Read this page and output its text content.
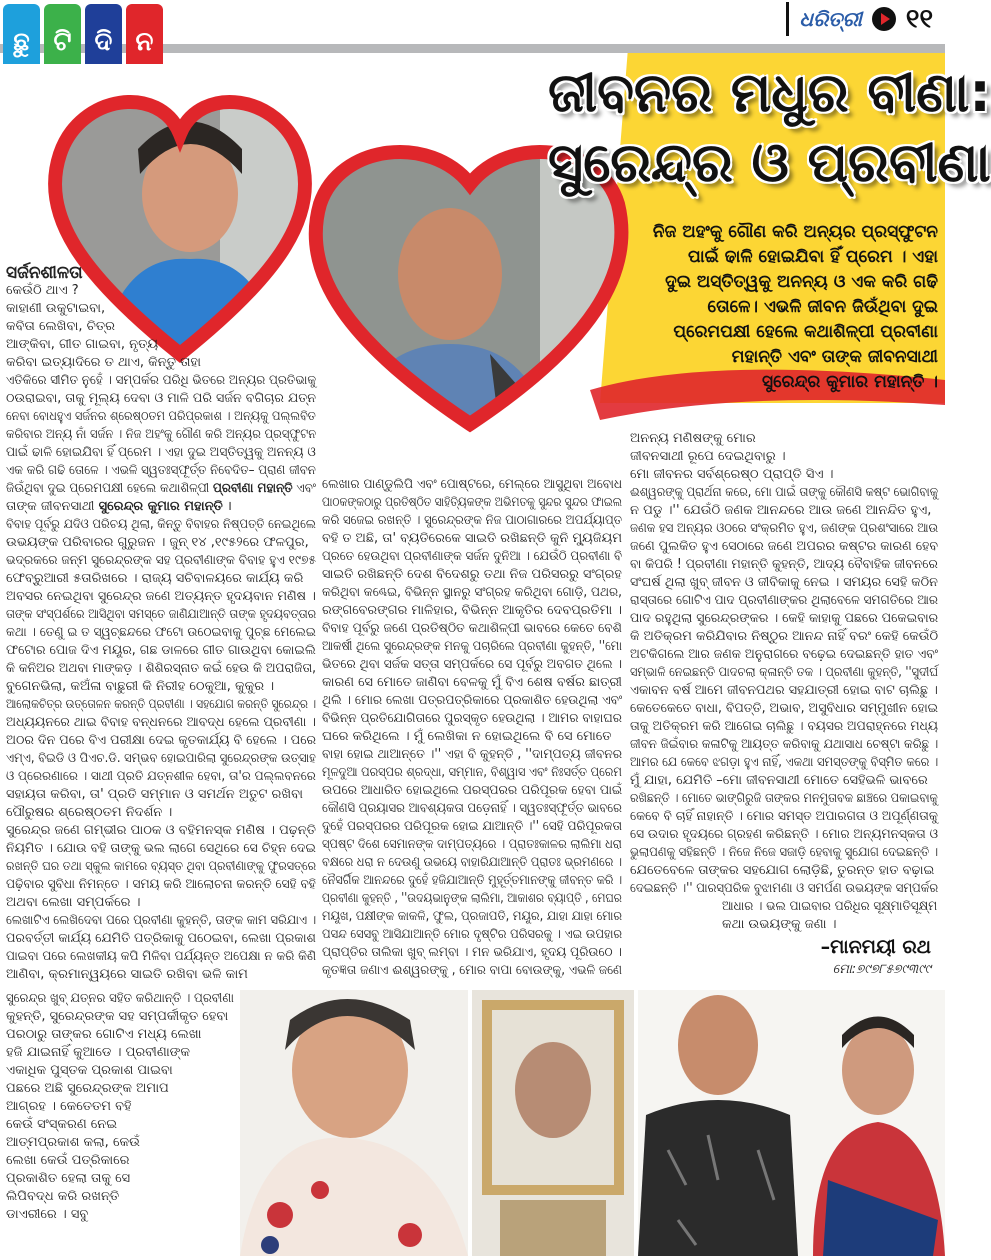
ଛୁ ଟି ଦି ନ
ଧରିତ୍ରୀ ୧୧
ଜୀବନର ମଧୁର ବୀଣା:
ସୁରେନ୍ଦ୍ର ଓ ପ୍ରବୀଣା
ନିଜ ଅହଂକୁ ଗୌଣ କରି ଅନ୍ୟର ପ୍ରସ୍ଫୁଟନ
ପାଇଁ ଢାଳି ହୋଇଯିବା ହିଁ ପ୍ରେମ । ଏହା
ଦୁଇ ଅସ୍ତିତ୍ୱକୁ ଅନନ୍ୟ ଓ ଏକ କରି ଗଢି
ତୋଳେ। ଏଭଳି ଜୀବନ ଜିଉଁଥିବା ଦୁଇ
ପ୍ରେମପକ୍ଷୀ ହେଲେ କଥାଶିଳ୍ପୀ ପ୍ରବୀଣା
ମହାନ୍ତି ଏବଂ ତାଙ୍କ ଜୀବନସାଥୀ
ସୁରେନ୍ଦ୍ର କୁମାର ମହାନ୍ତି ।
ସର୍ଜନଶୀଳତା
କେଉଁଠି ଥାଏ ?
କାହାଣୀ ଉକୁଟାଇବା,
କବିତା ଲେଖିବା, ଚିତ୍ର
ଆଙ୍କିବା, ଗୀତ ଗାଇବା, ନୃତ୍ୟ
କରିବା ଇତ୍ୟାଦିରେ ତ ଥାଏ, କିନ୍ତୁ ତାହା
ଏତିକିରେ ସୀମିତ ନୁହେଁ । ସମ୍ପର୍କର ପରିଧି ଭିତରେ ଅନ୍ୟର ପ୍ରତିଭାକୁ
ଠଉରାଇବା, ତାକୁ ମୂଲ୍ୟ ଦେବା ଓ ମାଳି ପରି ସର୍ଜନ ବଗିଚାର ଯତ୍ନ
ନେବା ବୋଧହୁଏ ସର୍ଜନର ଶ୍ରେଷ୍ଠତମ ପରିପ୍ରକାଶ । ଅନ୍ୟକୁ ପଲ୍ଲବିତ
କରିବାର ଅନ୍ୟ ନାଁ ସର୍ଜନ । ନିଜ ଅହଂକୁ ଗୌଣ କରି ଅନ୍ୟର ପ୍ରସ୍ଫୁଟନ
ପାଇଁ ଢାଳି ହୋଇଯିବା ହିଁ ପ୍ରେମ । ଏହା ଦୁଇ ଅସ୍ତିତ୍ୱକୁ ଅନନ୍ୟ ଓ
ଏକ କରି ଗଢି ତୋଳେ । ଏଭଳି ସ୍ୱତଃସ୍ଫୂର୍ତ୍ତ ନିବେଦିତ– ପ୍ରାଣ ଜୀବନ
ଜିଉଁଥିବା ଦୁଇ ପ୍ରେମପକ୍ଷୀ ହେଲେ କଥାଶିଳ୍ପୀ ପ୍ରବୀଣା ମହାନ୍ତି ଏବଂ
ତାଙ୍କ ଜୀବନସାଥୀ ସୁରେନ୍ଦ୍ର କୁମାର ମହାନ୍ତି ।
ବିବାହ ପୂର୍ବରୁ ଯଦିଓ ପରିଚୟ ଥିଲା, କିନ୍ତୁ ବିବାହର ନିଷ୍ପତ୍ତି ନେଇଥିଲେ
ଉଭୟଙ୍କ ପରିବାରର ଗୁରୁଜନ । ଜୁନ୍ ୧୪ ,୧୯୫୨ରେ ଫଳପୁର,
ଭଦ୍ରକରେ ଜନ୍ମ ସୁରେନ୍ଦ୍ରଙ୍କ ସହ ପ୍ରବୀଣାଙ୍କ ବିବାହ ହୁଏ ୧୯୭୫
ଫେବ୍ରୁଆରୀ ୫ତାରିଖରେ । ରାଜ୍ୟ ସଚିବାଳୟରେ କାର୍ଯ୍ୟ କରି
ଅବସର ନେଇଥିବା ସୁରେନ୍ଦ୍ର ଜଣେ ଅତ୍ୟନ୍ତ ହୃଦୟବାନ ମଣିଷ ।
ତାଙ୍କ ସଂସ୍ପର୍ଶରେ ଆସିଥିବା ସମସ୍ତେ ଜାଣିଯାଆନ୍ତି ତାଙ୍କ ହୃଦୟବତ୍ତାର
କଥା । ତେଣୁ ଇ ତ ସ୍ୱଚ୍ଛନ୍ଦରେ ଫଟୋ ଉଠେଇବାକୁ ପୁଚ୍ଛ ମେଲେଇ
ଫଟୋର ପୋଜ ଦିଏ ମୟୂର, ଗଛ ଡାଳରେ ଗୀତ ଗାଉଥିବା କୋଇଲି
କି କନିଅର ଅଥବା ମାଙ୍କଡ଼ । ଶିଶିରସ୍ନାତ କଇଁ ହେଉ କି ଅପରାଜିତା,
ବୁଗେନଭିଲା, କଅଁଳା ବାଛୁରୀ କି ନିରୀହ ଠେକୁଆ, କୁକୁର ।
ଆଲୋକଚିତ୍ର ଉତ୍ତୋଳନ କରନ୍ତି ପ୍ରବୀଣା । ସହଯୋଗ କରନ୍ତି ସୁରେନ୍ଦ୍ର ।
ଅଧ୍ୟୟନରେ ଥାଇ ବିବାହ ବନ୍ଧନରେ ଆବଦ୍ଧ ହେଲେ ପ୍ରବୀଣା ।
ଅଠର ଦିନ ପରେ ବିଏ ପରୀକ୍ଷା ଦେଇ କୃତକାର୍ଯ୍ୟ ବି ହେଲେ । ପରେ
ଏମ୍ଏ, ବିଇଡି ଓ ପିଏଚ.ଡି. ସମ୍ଭବ ହୋଇପାରିଲା ସୁରେନ୍ଦ୍ରଙ୍କ ଉତ୍ସାହ
ଓ ପ୍ରେରଣାରେ । ସାଥୀ ପ୍ରତି ଯତ୍ନଶୀଳ ହେବା, ତା'ର ପଲ୍ଲବନରେ
ସହାୟତା କରିବା, ତା' ପ୍ରତି ସମ୍ମାନ ଓ ସମର୍ଥନ ଅତୁଟ ରଖିବା
ପୌରୁଷର ଶ୍ରେଷ୍ଠତମ ନିଦର୍ଶନ ।
ସୁରେନ୍ଦ୍ର ଜଣେ ଗମ୍ଭୀର ପାଠକ ଓ ବହିମନସ୍କ ମଣିଷ । ପଢ଼ନ୍ତି
ନିୟମିତ । ଯୋଉ ବହି ତାଙ୍କୁ ଭଲ ଲାଗେ ସେଥିରେ ସେ ଚିହ୍ନ ଦେଇ
ରଖନ୍ତି ଘର ତଥା ସ୍କୁଲ କାମରେ ବ୍ୟସ୍ତ ଥିବା ପ୍ରବୀଣାଙ୍କୁ ଫୁରସତ୍‌ରେ
ପଢ଼ିବାର ସୁବିଧା ନିମନ୍ତେ । ସମୟ କରି ଆଲୋଚନା କରନ୍ତି ସେହି ବହି
ଅଥବା ଲେଖା ସମ୍ପର୍କରେ ।
ଲେଖାଟିଏ ଲେଖିଦେବା ପରେ ପ୍ରବୀଣା କୁହନ୍ତି, ତାଙ୍କ କାମ ସରିଯାଏ ।
ପରବର୍ତ୍ତୀ କାର୍ଯ୍ୟ ଯେମିତି ପତ୍ରିକାକୁ ପଠେଇବା, ଲେଖା ପ୍ରକାଶ
ପାଇବା ପରେ ଲେଖକୀୟ କପି ମିଳିବା ପର୍ଯ୍ୟନ୍ତ ଅପେକ୍ଷା ନ କରି କିଣି
ଆଣିବା, କ୍ରମାନ୍ୱୟରେ ସାଇତି ରଖିବା ଭଳି କାମ
ସୁରେନ୍ଦ୍ର ଖୁବ୍ ଯତ୍ନର ସହିତ କରିଥାନ୍ତି । ପ୍ରବୀଣା
କୁହନ୍ତି, ସୁରେନ୍ଦ୍ରଙ୍କ ସହ ସମ୍ପର୍କୀକୃତ ହେବା
ପରଠାରୁ ତାଙ୍କର ଗୋଟିଏ ମଧ୍ୟ ଲେଖା
ହଜି ଯାଇନାହିଁ କୁଆଡେ । ପ୍ରବୀଣାଙ୍କ
ଏକାଧିକ ପୁସ୍ତକ ପ୍ରକାଶ ପାଇବା
ପଛରେ ଅଛି ସୁରେନ୍ଦ୍ରଙ୍କ ଅମାପ
ଆଗ୍ରହ । କେତେତମ ବହି
କେଉଁ ସଂସ୍କରଣ ନେଇ
ଆତ୍ମପ୍ରକାଶ କଲା, କେଉଁ
ଲେଖା କେଉଁ ପତ୍ରିକାରେ
ପ୍ରକାଶିତ ହେଲା ତାକୁ ସେ
ଲିପିବଦ୍ଧ କରି ରଖନ୍ତି
ଡାଏରୀରେ । ସବୁ
ଲେଖାର ପାଣ୍ଡୁଲିପି ଏବଂ ପୋଷ୍ଟରେ, ମେଲ୍‌ରେ ଆସୁଥିବା ଅବୋଧ
ପାଠକଙ୍କଠାରୁ ପ୍ରତିଷ୍ଠିତ ସାହିତ୍ୟିକଙ୍କ ଅଭିମତକୁ ସୁନ୍ଦର ସୁନ୍ଦର ଫାଇଲ
କରି ସଜେଇ ରଖନ୍ତି । ସୁରେନ୍ଦ୍ରଙ୍କ ନିଜ ପାଠାଗାରରେ ଅପର୍ଯ୍ୟାପ୍ତ
ବହି ତ ଅଛି, ତା' ବ୍ୟତିରେକେ ସାଇତି ରଖିଛନ୍ତି କୁନି ମ୍ୟୁଜିୟମ
ପ୍ରତେ ହେଉଥିବା ପ୍ରବୀଣାଙ୍କ ସର୍ଜନ ଦୁନିଆ । ଯେଉଁଠି ପ୍ରବୀଣା ବି
ସାଇତି ରଖିଛନ୍ତି ଦେଶ ବିଦେଶରୁ ତଥା ନିଜ ପରିସରରୁ ସଂଗ୍ରହ
କରିଥିବା କଣ୍ଢେଇ, ବିଭିନ୍ନ ସ୍ଥାନରୁ ସଂଗ୍ରହ କରିଥିବା ଗୋଡ଼ି, ପଥର,
ରଙ୍ଗବେରଙ୍ଗର ମାଳିହାର, ବିଭିନ୍ନ ଆକୃତିର ଦେବପ୍ରତିମା ।
ବିବାହ ପୂର୍ବରୁ ଜଣେ ପ୍ରତିଷ୍ଠିତ କଥାଶିଳ୍ପୀ ଭାବରେ କେତେ ବେଶି
ଆକର୍ଷୀ ଥିଲେ ସୁରେନ୍ଦ୍ରଙ୍କ ମନକୁ ପଚାରିଲେ ପ୍ରବୀଣା କୁହନ୍ତି, ''ମୋ
ଭିତରେ ଥିବା ସର୍ଜକ ସତ୍ତା ସମ୍ପର୍କରେ ସେ ପୂର୍ବରୁ ଅବଗତ ଥିଲେ ।
କାରଣ ସେ ମୋତେ ଜାଣିବା ବେଳକୁ ମୁଁ ବିଏ ଶେଷ ବର୍ଷର ଛାତ୍ରୀ
ଥିଲି । ମୋର ଲେଖା ପତ୍ରପତ୍ରିକାରେ ପ୍ରକାଶିତ ହେଉଥିଲା ଏବଂ
ବିଭିନ୍ନ ପ୍ରତିଯୋଗିତାରେ ପୁରସ୍କୃତ ହେଉଥିଲା । ଆମର ବାହାଘର
ଘରେ କରିଥିଲେ । ମୁଁ ଲେଖିକା ନ ହୋଇଥିଲେ ବି ସେ ମୋତେ
ବାହା ହୋଇ ଥାଆନ୍ତେ ।'' ଏହା ବି କୁହନ୍ତି , ''ଦାମ୍ପତ୍ୟ ଜୀବନର
ମୂଳଦୁଆ ପରସ୍ପର ଶ୍ରଦ୍ଧା, ସମ୍ମାନ, ବିଶ୍ୱାସ ଏବଂ ନିଃସର୍ତ୍ତ ପ୍ରେମ
ଉପରେ ଆଧାରିତ ହୋଇଥିଲେ ପରସ୍ପରର ପରିପୂରକ ହେବା ପାଇଁ
କୌଣସି ପ୍ରୟାସର ଆବଶ୍ୟକତା ପଡ଼େନାହିଁ । ସ୍ୱତଃସ୍ଫୂର୍ତ୍ତ ଭାବରେ
ଦୁହେଁ ପରସ୍ପରର ପରିପୂରକ ହୋଇ ଯାଆନ୍ତି ।'' ସେହି ପରିପୂରକତା
ସ୍ପଷ୍ଟ ଦିଶେ ସେମାନଙ୍କ ଦାମ୍ପତ୍ୟରେ । ପ୍ରାତଃକାଳର ଲାଲିମା ଧରା
ବକ୍ଷରେ ଧରା ନ ଦେଉଣୁ ଉଭୟେ ବାହାରିଯାଆନ୍ତି ପ୍ରାତଃ ଭ୍ରମଣରେ ।
ନୈସର୍ଗିକ ଆନନ୍ଦରେ ଦୁହେଁ ହଜିଯାଆନ୍ତି ମୁହୂର୍ତ୍ତମାନଙ୍କୁ ଜୀବନ୍ତ କରି ।
ପ୍ରବୀଣା କୁହନ୍ତି , ''ଉଦୟଭାନୁଙ୍କ ଲାଲିମା, ଆକାଶର ବ୍ୟାପ୍ତି , ମେଘର
ମୟୂଖ, ପକ୍ଷୀଙ୍କ କାକଳି, ଫୁଲ, ପ୍ରଜାପତି, ମୟୂର, ଯାହା ଯାହା ମୋର
ପସନ୍ଦ ସେସବୁ ଆସିଯାଆନ୍ତି ମୋର ଦୃଷ୍ଟିର ପରିସରକୁ । ଏଇ ଉପହାର
ପ୍ରାପ୍ତିର ତାଲିକା ଖୁବ୍ ଲମ୍ବା । ମନ ଭରିଯାଏ, ହୃଦୟ ପୂରିଉଠେ ।
କୃତଜ୍ଞତା ଜଣାଏ ଈଶ୍ୱରଙ୍କୁ , ମୋର ବାପା ବୋଉଙ୍କୁ, ଏଭଳି ଜଣେ
ଅନନ୍ୟ ମଣିଷଙ୍କୁ ମୋର
ଜୀବନସାଥୀ ରୂପେ ଦେଇଥିବାରୁ ।
ମୋ ଜୀବନର ସର୍ବଶ୍ରେଷ୍ଠ ପ୍ରାପ୍ତି ସିଏ ।
ଈଶ୍ୱରଙ୍କୁ ପ୍ରାର୍ଥନା କରେ, ମୋ ପାଇଁ ତାଙ୍କୁ କୌଣସି କଷ୍ଟ ଭୋଗିବାକୁ
ନ ପଡୁ ।'' ଯେଉଁଠି ଜଣକ ଆନନ୍ଦରେ ଆଉ ଜଣେ ଆନନ୍ଦିତ ହୁଏ,
ଜଣକ ହସ ଅନ୍ୟର ଓଠରେ ସଂକ୍ରମିତ ହୁଏ, ଜଣଙ୍କ ପ୍ରଶଂସାରେ ଆଉ
ଜଣେ ପୁଲକିତ ହୁଏ ସେଠାରେ ଜଣେ ଅପରର କଷ୍ଟର କାରଣ ହେବ
ବା କିପରି ! ପ୍ରବୀଣା ମହାନ୍ତି କୁହନ୍ତି, ଆଦ୍ୟ ବୈବାହିକ ଜୀବନରେ
ସଂଘର୍ଷ ଥିଲା ଖୁବ୍ ଜୀବନ ଓ ଜୀବିକାକୁ ନେଇ । ସମୟର ସେହି କଠିନ
ରାସ୍ତାରେ ଗୋଟିଏ ପାଦ ପ୍ରବୀଣାଙ୍କର ଥିଲାବେଳେ ସମଗତିରେ ଆର
ପାଦ ରହୁଥିଲା ସୁରେନ୍ଦ୍ରଙ୍କର । କେହି କାହାକୁ ପଛରେ ପକେଇବାର
କି ଅତିକ୍ରମ କରିଯିବାର ନିଷ୍ଠୁର ଆନନ୍ଦ ନାହିଁ ବରଂ କେହି କେଉଁଠି
ଅଟକିଗଲେ ଆର ଜଣକ ଅନୁରାଗରେ ବଢ଼େଇ ଦେଇଛନ୍ତି ହାତ ଏବଂ
ସମ୍ଭାଳି ନେଇଛନ୍ତି ପାଦଚଲା କ୍ଳାନ୍ତି ତକ । ପ୍ରବୀଣା କୁହନ୍ତି, ''ସୁଦୀର୍ଘ
ଏକାବନ ବର୍ଷ ଆମେ ଜୀବନପଥର ସହଯାତ୍ରୀ ହୋଇ ବାଟ ଚାଲିଛୁ ।
କେତେକେତେ ବାଧା, ବିପତ୍ତି, ଅଭାବ, ଅସୁବିଧାର ସମ୍ମୁଖୀନ ହୋଇ
ତାକୁ ଅତିକ୍ରମ କରି ଆଗେଇ ଚାଲିଛୁ । ବୟସର ଅପରାହ୍ନରେ ମଧ୍ୟ
ଜୀବନ ଜିଇଁବାର କଳାଟିକୁ ଆୟତ୍ତ କରିବାକୁ ଯଥାସାଧ ଚେଷ୍ଟା କରିଛୁ ।
ଆମର ଯେ କେବେ ଝଗଡ଼ା ହୁଏ ନାହିଁ, ଏକଥା ସମସ୍ତଙ୍କୁ ବିସ୍ମିତ କରେ ।
ମୁଁ ଯାହା, ଯେମିତି –ମୋ ଜୀବନସାଥୀ ମୋତେ ସେହିଭଳି ଭାବରେ
ରଖିଛନ୍ତି । ମୋତେ ଭାଙ୍ଗିରୁଜି ତାଙ୍କର ମନମୁତାବକ ଛାଞ୍ଚରେ ପକାଇବାକୁ
କେବେ ବି ଚାହିଁ ନାହାନ୍ତି । ମୋର ସମସ୍ତ ଅପାରଗତା ଓ ଅପୂର୍ଣ୍ଣତାକୁ
ସେ ଉଦାର ହୃଦୟରେ ଗ୍ରହଣ କରିଛନ୍ତି । ମୋର ଅନ୍ୟମନସ୍କତା ଓ
ଭୁଲାପଣକୁ ସହିଛନ୍ତି । ନିଜେ ନିଜେ ସଜାଡ଼ି ହେବାକୁ ସୁଯୋଗ ଦେଇଛନ୍ତି ।
ଯେତେବେଳେ ତାଙ୍କର ସହଯୋଗ ଲୋଡ଼ିଛି, ତୁରନ୍ତ ହାତ ବଢ଼ାଇ
ଦେଇଛନ୍ତି ।'' ପାରସ୍ପରିକ ବୁଝାମଣା ଓ ସମର୍ପଣ ଉଭୟଙ୍କ ସମ୍ପର୍କର
ଆଧାର । ଭଲ ପାଇବାର ପରିଧିର ସୂକ୍ଷ୍ମାତିସୂକ୍ଷ୍ମ
କଥା ଉଭୟଙ୍କୁ ଜଣା ।
–ମାନମୟୀ ରଥ
ମୋ:୭୯୭୮୫୭୯୩୯୯
